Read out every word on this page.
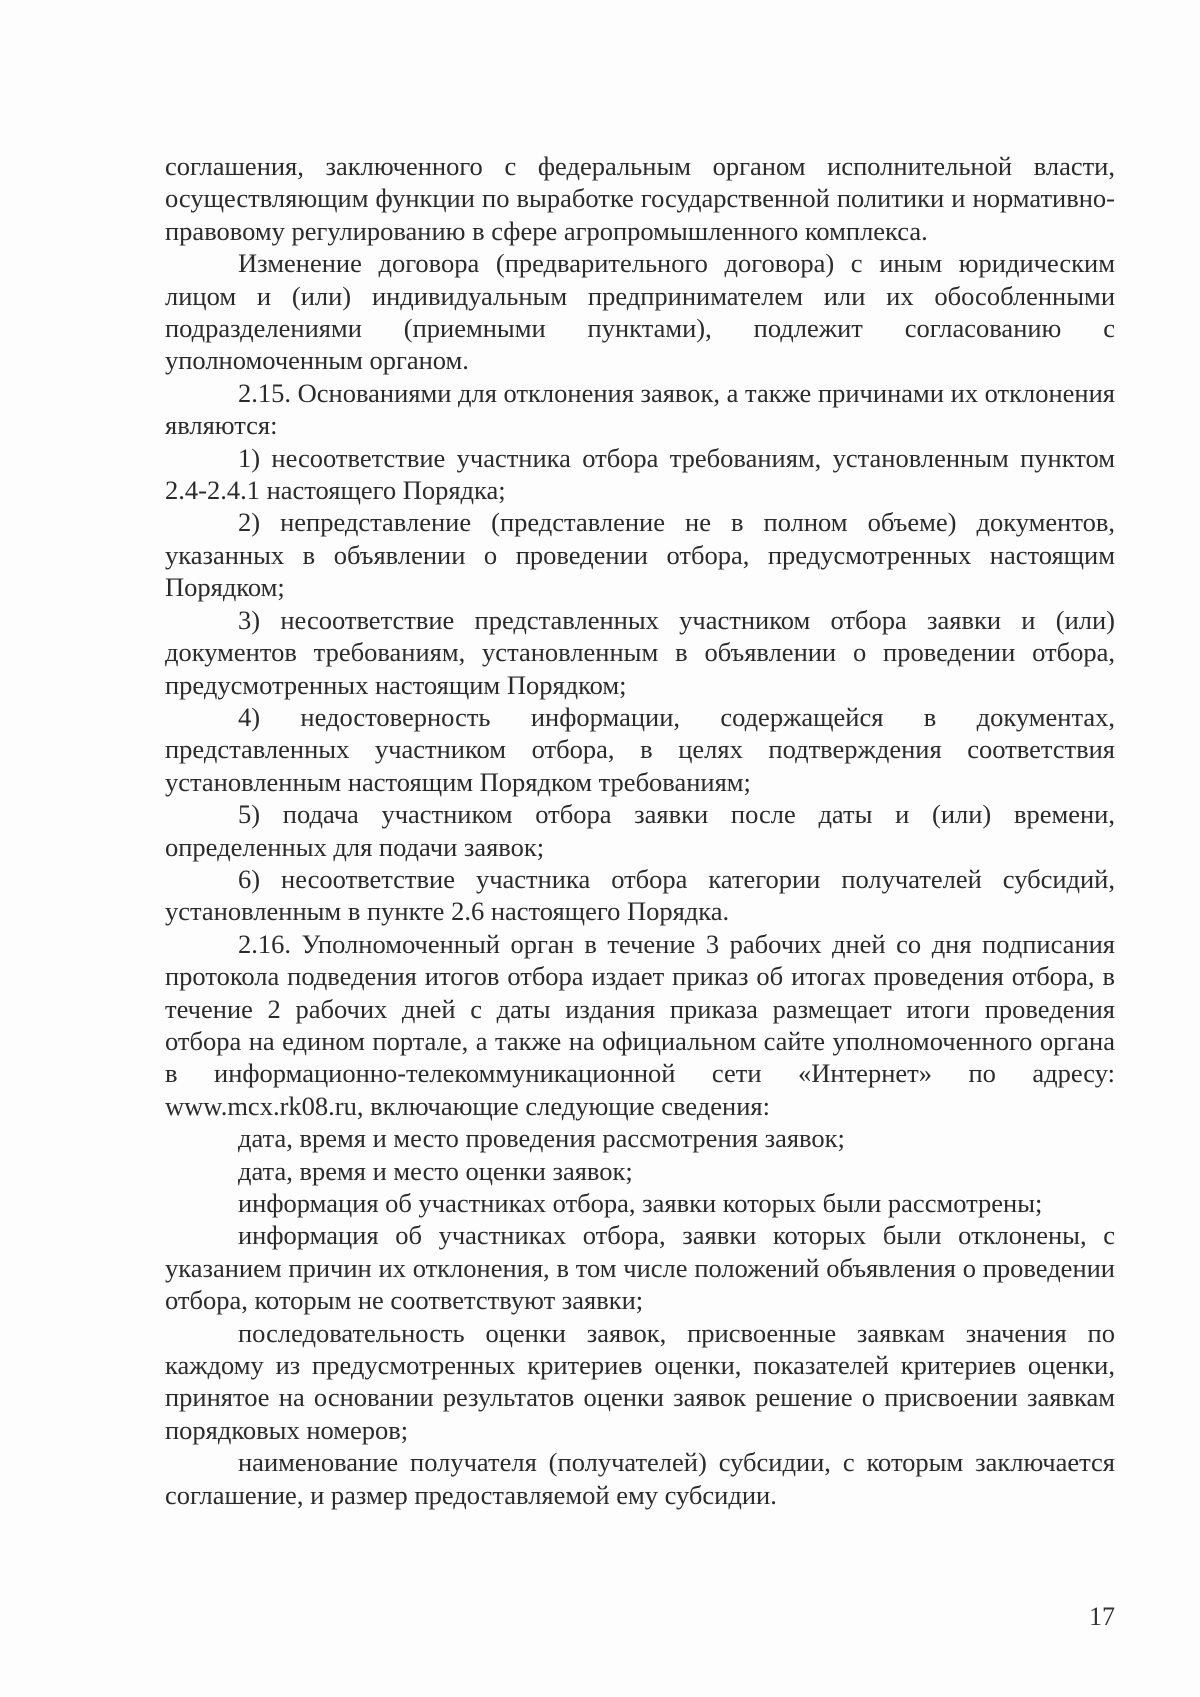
соглашения, заключенного с федеральным органом исполнительной власти, осуществляющим функции по выработке государственной политики и нормативно-правовому регулированию в сфере агропромышленного комплекса.

Изменение договора (предварительного договора) с иным юридическим лицом и (или) индивидуальным предпринимателем или их обособленными подразделениями (приемными пунктами), подлежит согласованию с уполномоченным органом.

2.15. Основаниями для отклонения заявок, а также причинами их отклонения являются:

1) несоответствие участника отбора требованиям, установленным пунктом 2.4-2.4.1 настоящего Порядка;

2) непредставление (представление не в полном объеме) документов, указанных в объявлении о проведении отбора, предусмотренных настоящим Порядком;

3) несоответствие представленных участником отбора заявки и (или) документов требованиям, установленным в объявлении о проведении отбора, предусмотренных настоящим Порядком;

4) недостоверность информации, содержащейся в документах, представленных участником отбора, в целях подтверждения соответствия установленным настоящим Порядком требованиям;

5) подача участником отбора заявки после даты и (или) времени, определенных для подачи заявок;

6) несоответствие участника отбора категории получателей субсидий, установленным в пункте 2.6 настоящего Порядка.

2.16. Уполномоченный орган в течение 3 рабочих дней со дня подписания протокола подведения итогов отбора издает приказ об итогах проведения отбора, в течение 2 рабочих дней с даты издания приказа размещает итоги проведения отбора на едином портале, а также на официальном сайте уполномоченного органа в информационно-телекоммуникационной сети «Интернет» по адресу: www.mcx.rk08.ru, включающие следующие сведения:

дата, время и место проведения рассмотрения заявок;

дата, время и место оценки заявок;

информация об участниках отбора, заявки которых были рассмотрены;

информация об участниках отбора, заявки которых были отклонены, с указанием причин их отклонения, в том числе положений объявления о проведении отбора, которым не соответствуют заявки;

последовательность оценки заявок, присвоенные заявкам значения по каждому из предусмотренных критериев оценки, показателей критериев оценки, принятое на основании результатов оценки заявок решение о присвоении заявкам порядковых номеров;

наименование получателя (получателей) субсидии, с которым заключается соглашение, и размер предоставляемой ему субсидии.

17
